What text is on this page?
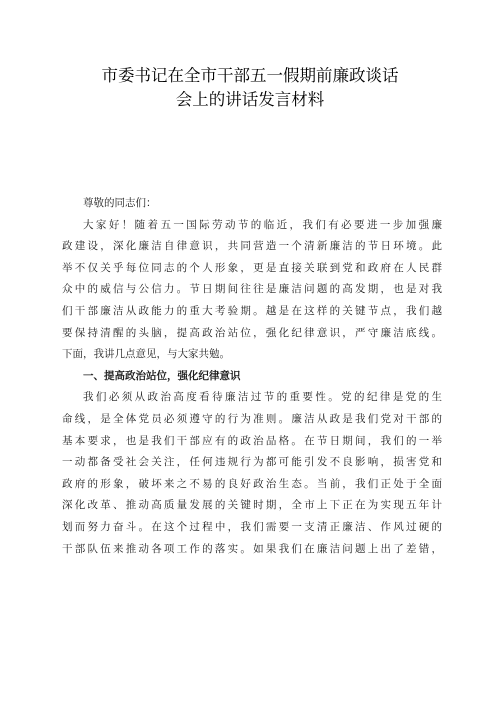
市委书记在全市干部五一假期前廉政谈话
会上的讲话发言材料
尊敬的同志们：
大家好！随着五一国际劳动节的临近，我们有必要进一步加强廉
政建设，深化廉洁自律意识，共同营造一个清新廉洁的节日环境。此
举不仅关乎每位同志的个人形象，更是直接关联到党和政府在人民群
众中的威信与公信力。节日期间往往是廉洁问题的高发期，也是对我
们干部廉洁从政能力的重大考验期。越是在这样的关键节点，我们越
要保持清醒的头脑，提高政治站位，强化纪律意识，严守廉洁底线。
下面，我讲几点意见，与大家共勉。
一、提高政治站位，强化纪律意识
我们必须从政治高度看待廉洁过节的重要性。党的纪律是党的生
命线，是全体党员必须遵守的行为准则。廉洁从政是我们党对干部的
基本要求，也是我们干部应有的政治品格。在节日期间，我们的一举
一动都备受社会关注，任何违规行为都可能引发不良影响，损害党和
政府的形象，破坏来之不易的良好政治生态。当前，我们正处于全面
深化改革、推动高质量发展的关键时期，全市上下正在为实现五年计
划而努力奋斗。在这个过程中，我们需要一支清正廉洁、作风过硬的
干部队伍来推动各项工作的落实。如果我们在廉洁问题上出了差错，
